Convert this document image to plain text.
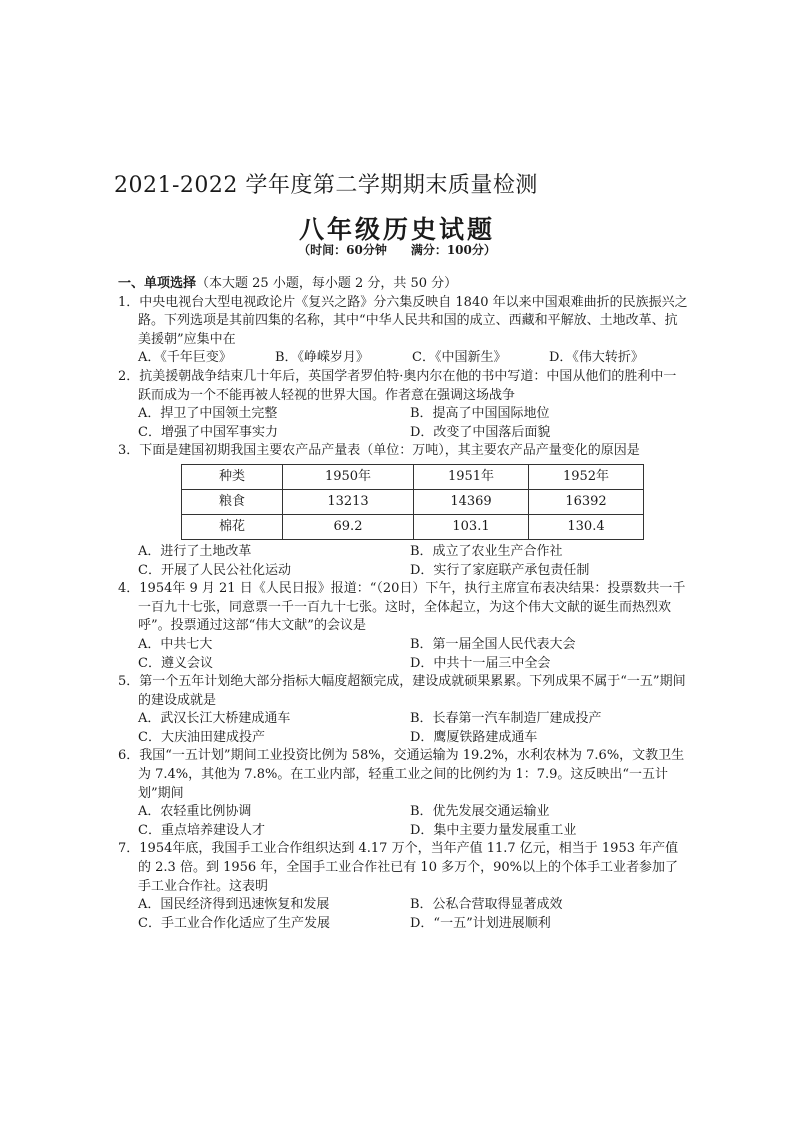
2021-2022 学年度第二学期期末质量检测
八年级历史试题
（时间：60分钟　　满分：100分）
一、单项选择（本大题 25 小题，每小题 2 分，共 50 分）
1．中央电视台大型电视政论片《复兴之路》分六集反映自 1840 年以来中国艰难曲折的民族振兴之路。下列选项是其前四集的名称，其中“中华人民共和国的成立、西藏和平解放、土地改革、抗美援朝”应集中在
A．《千年巨变》	B．《峥嵘岁月》	C．《中国新生》	D．《伟大转折》
2．抗美援朝战争结束几十年后，英国学者罗伯特·奥内尔在他的书中写道：中国从他们的胜利中一跃而成为一个不能再被人轻视的世界大国。作者意在强调这场战争
A．捍卫了中国领土完整	B．提高了中国国际地位
C．增强了中国军事实力	D．改变了中国落后面貌
3．下面是建国初期我国主要农产品产量表（单位：万吨），其主要农产品产量变化的原因是
种类	1950年	1951年	1952年
粮食	13213	14369	16392
棉花	69.2	103.1	130.4
A．进行了土地改革	B．成立了农业生产合作社
C．开展了人民公社化运动	D．实行了家庭联产承包责任制
4．1954年 9 月 21 日《人民日报》报道：“（20日）下午，执行主席宣布表决结果：投票数共一千一百九十七张，同意票一千一百九十七张。这时，全体起立，为这个伟大文献的诞生而热烈欢呼”。投票通过这部“伟大文献”的会议是
A．中共七大	B．第一届全国人民代表大会
C．遵义会议	D．中共十一届三中全会
5．第一个五年计划绝大部分指标大幅度超额完成，建设成就硕果累累。下列成果不属于“一五”期间的建设成就是
A．武汉长江大桥建成通车	B．长春第一汽车制造厂建成投产
C．大庆油田建成投产	D．鹰厦铁路建成通车
6．我国“一五计划”期间工业投资比例为 58%，交通运输为 19.2%，水利农林为 7.6%，文教卫生为 7.4%，其他为 7.8%。在工业内部，轻重工业之间的比例约为 1：7.9。这反映出“一五计划”期间
A．农轻重比例协调	B．优先发展交通运输业
C．重点培养建设人才	D．集中主要力量发展重工业
7．1954年底，我国手工业合作组织达到 4.17 万个，当年产值 11.7 亿元，相当于 1953 年产值的 2.3 倍。到 1956 年，全国手工业合作社已有 10 多万个，90%以上的个体手工业者参加了手工业合作社。这表明
A．国民经济得到迅速恢复和发展	B．公私合营取得显著成效
C．手工业合作化适应了生产发展	D．“一五”计划进展顺利
